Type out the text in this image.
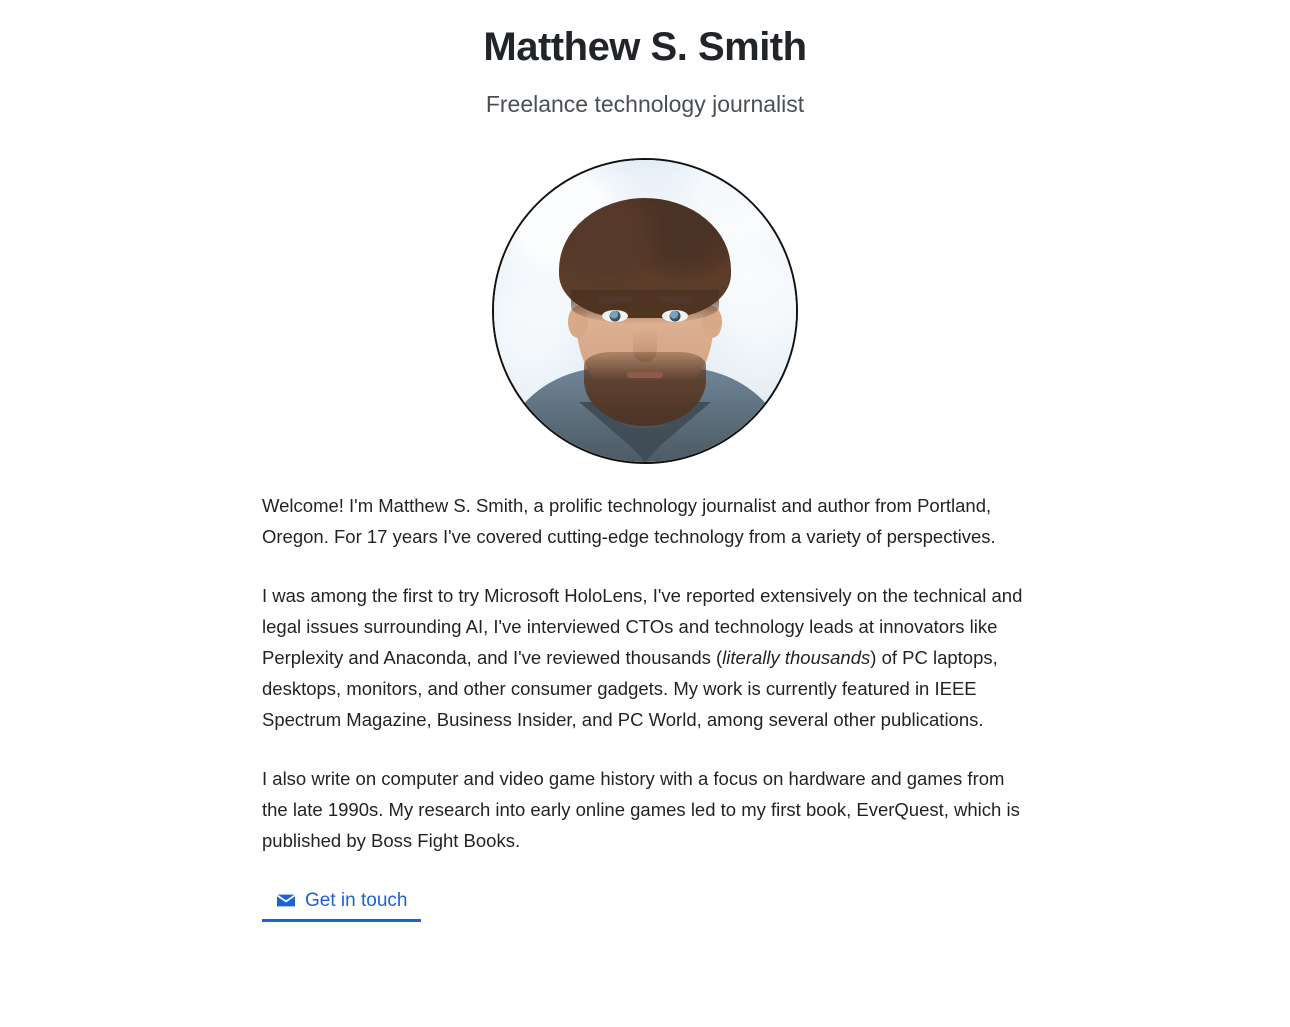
Matthew S. Smith
Freelance technology journalist

Welcome! I'm Matthew S. Smith, a prolific technology journalist and author from Portland, Oregon. For 17 years I've covered cutting-edge technology from a variety of perspectives.

I was among the first to try Microsoft HoloLens, I've reported extensively on the technical and legal issues surrounding AI, I've interviewed CTOs and technology leads at innovators like Perplexity and Anaconda, and I've reviewed thousands (literally thousands) of PC laptops, desktops, monitors, and other consumer gadgets. My work is currently featured in IEEE Spectrum Magazine, Business Insider, and PC World, among several other publications.

I also write on computer and video game history with a focus on hardware and games from the late 1990s. My research into early online games led to my first book, EverQuest, which is published by Boss Fight Books.

Get in touch
